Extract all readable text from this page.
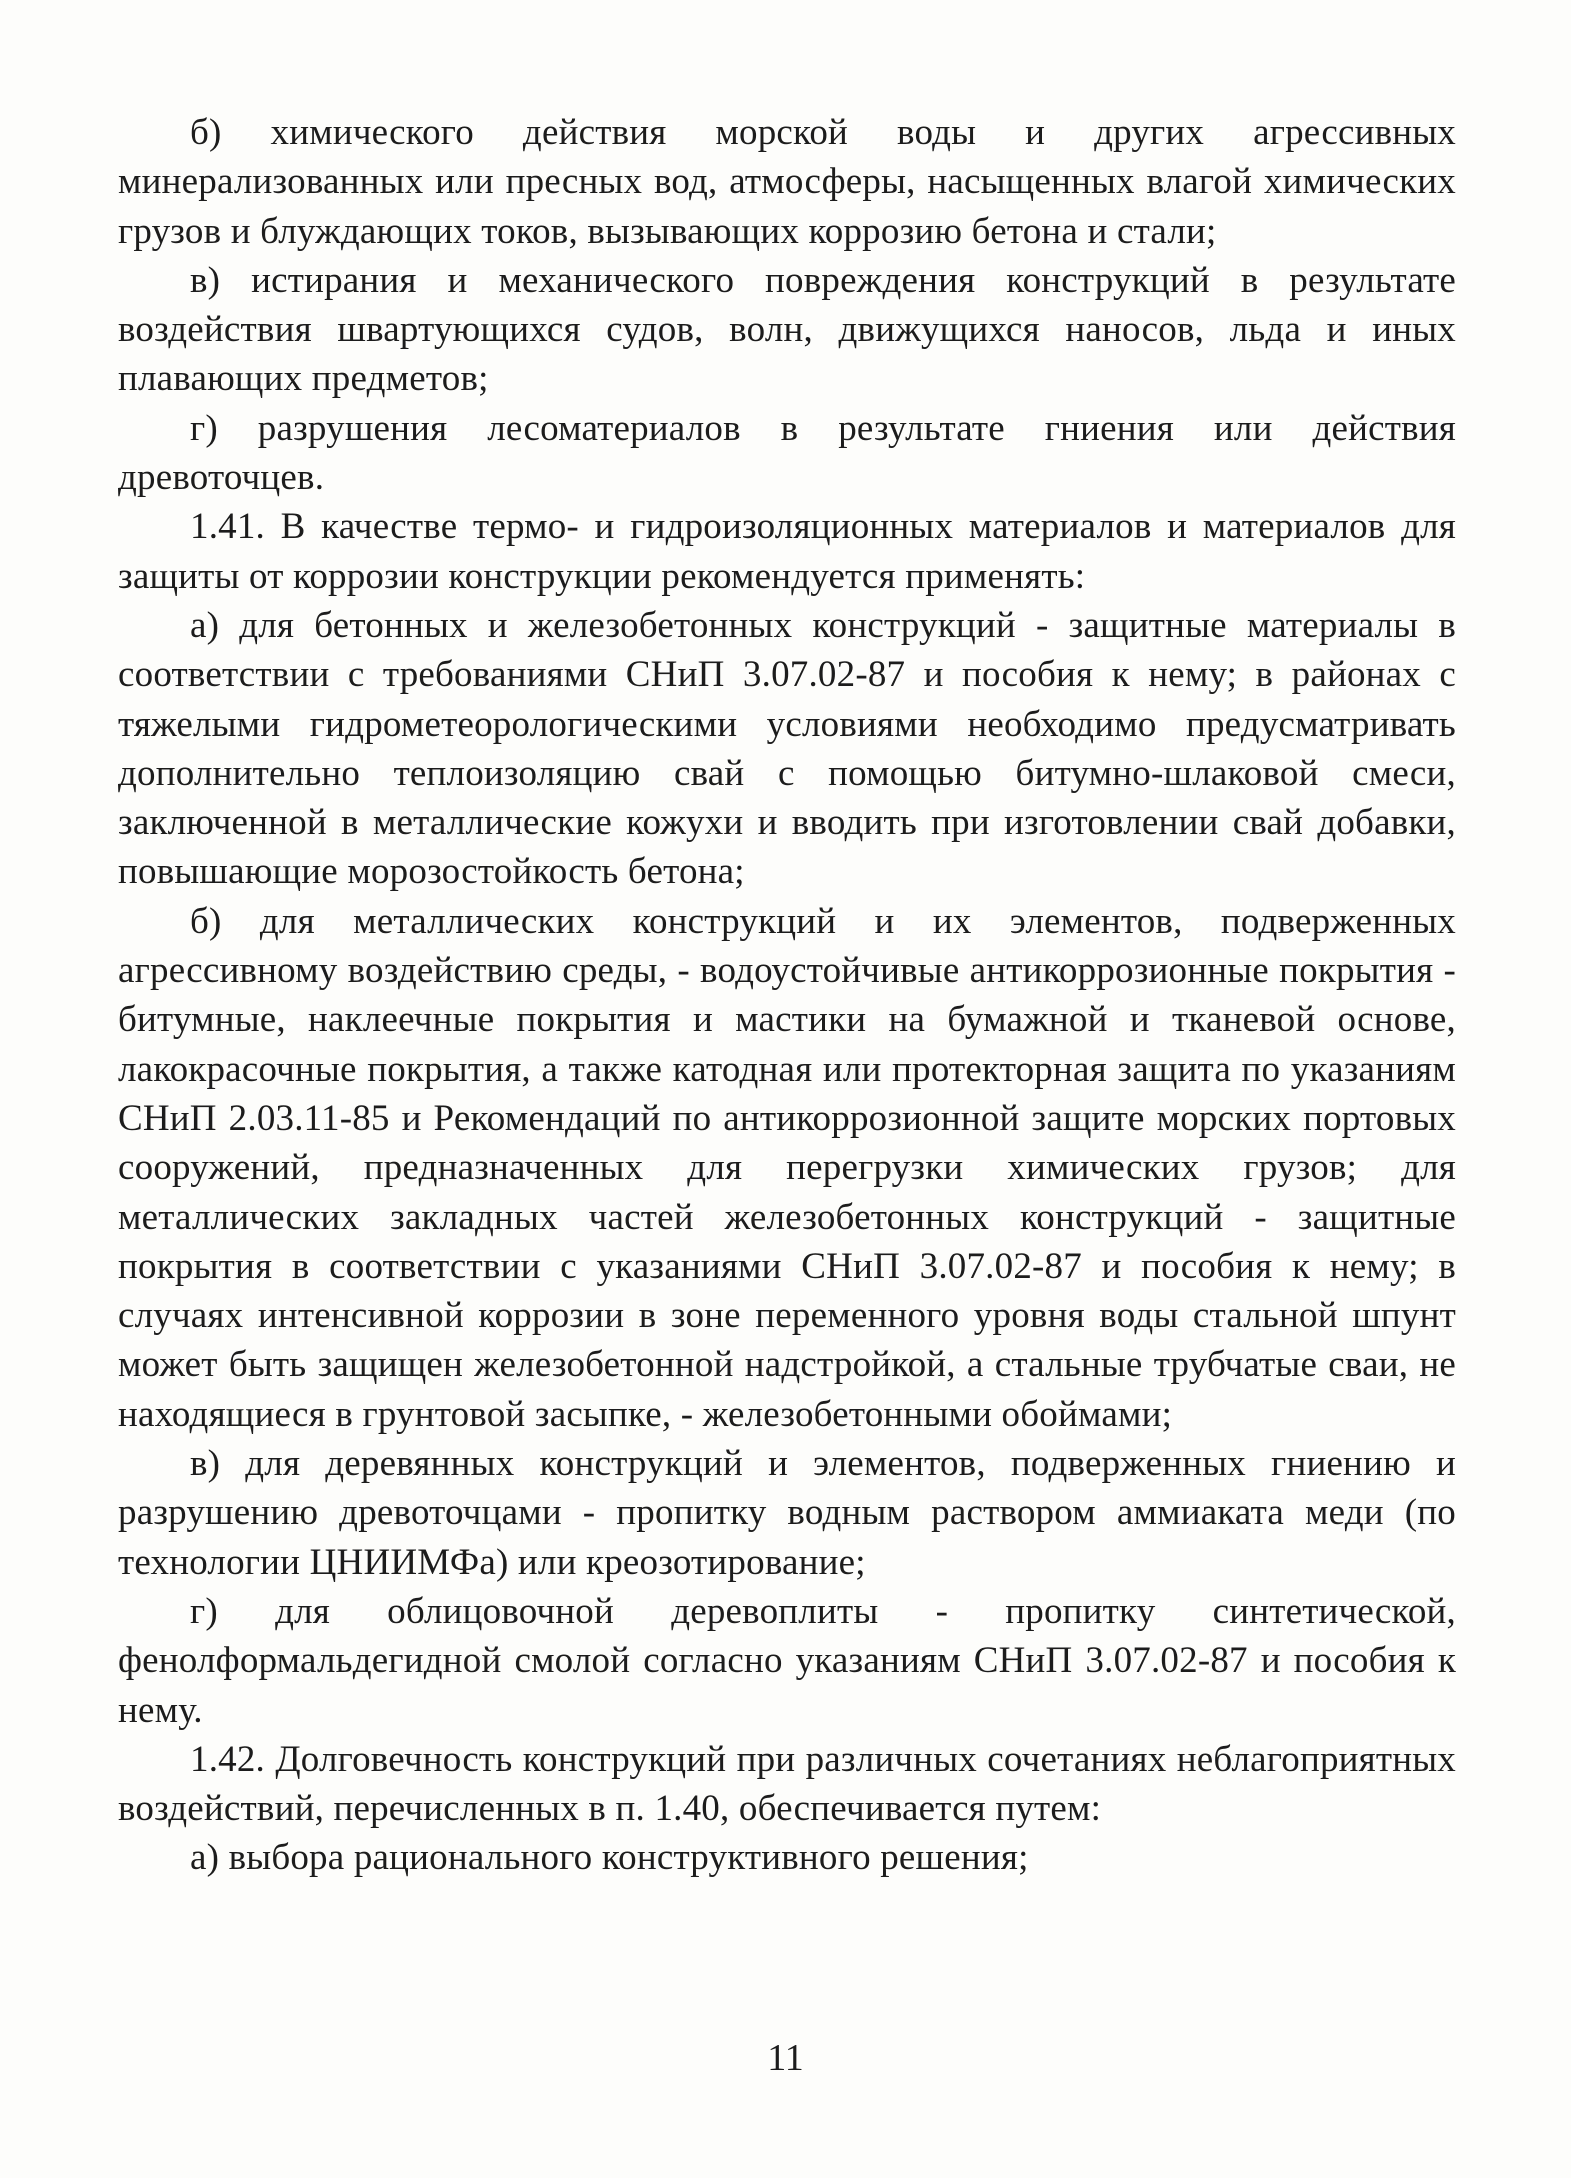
б) химического действия морской воды и других агрессивных минерализованных или пресных вод, атмосферы, насыщенных влагой химических грузов и блуждающих токов, вызывающих коррозию бетона и стали;

в) истирания и механического повреждения конструкций в результате воздействия швартующихся судов, волн, движущихся наносов, льда и иных плавающих предметов;

г) разрушения лесоматериалов в результате гниения или действия древоточцев.

1.41. В качестве термо- и гидроизоляционных материалов и материалов для защиты от коррозии конструкции рекомендуется применять:

а) для бетонных и железобетонных конструкций - защитные материалы в соответствии с требованиями СНиП 3.07.02-87 и пособия к нему; в районах с тяжелыми гидрометеорологическими условиями необходимо предусматривать дополнительно теплоизоляцию свай с помощью битумно-шлаковой смеси, заключенной в металлические кожухи и вводить при изготовлении свай добавки, повышающие морозостойкость бетона;

б) для металлических конструкций и их элементов, подверженных агрессивному воздействию среды, - водоустойчивые антикоррозионные покрытия - битумные, наклеечные покрытия и мастики на бумажной и тканевой основе, лакокрасочные покрытия, а также катодная или протекторная защита по указаниям СНиП 2.03.11-85 и Рекомендаций по антикоррозионной защите морских портовых сооружений, предназначенных для перегрузки химических грузов; для металлических закладных частей железобетонных конструкций - защитные покрытия в соответствии с указаниями СНиП 3.07.02-87 и пособия к нему; в случаях интенсивной коррозии в зоне переменного уровня воды стальной шпунт может быть защищен железобетонной надстройкой, а стальные трубчатые сваи, не находящиеся в грунтовой засыпке, - железобетонными обоймами;

в) для деревянных конструкций и элементов, подверженных гниению и разрушению древоточцами - пропитку водным раствором аммиаката меди (по технологии ЦНИИМФа) или креозотирование;

г) для облицовочной деревоплиты - пропитку синтетической, фенолформальдегидной смолой согласно указаниям СНиП 3.07.02-87 и пособия к нему.

1.42. Долговечность конструкций при различных сочетаниях неблагоприятных воздействий, перечисленных в п. 1.40, обеспечивается путем:

а) выбора рационального конструктивного решения;

11
